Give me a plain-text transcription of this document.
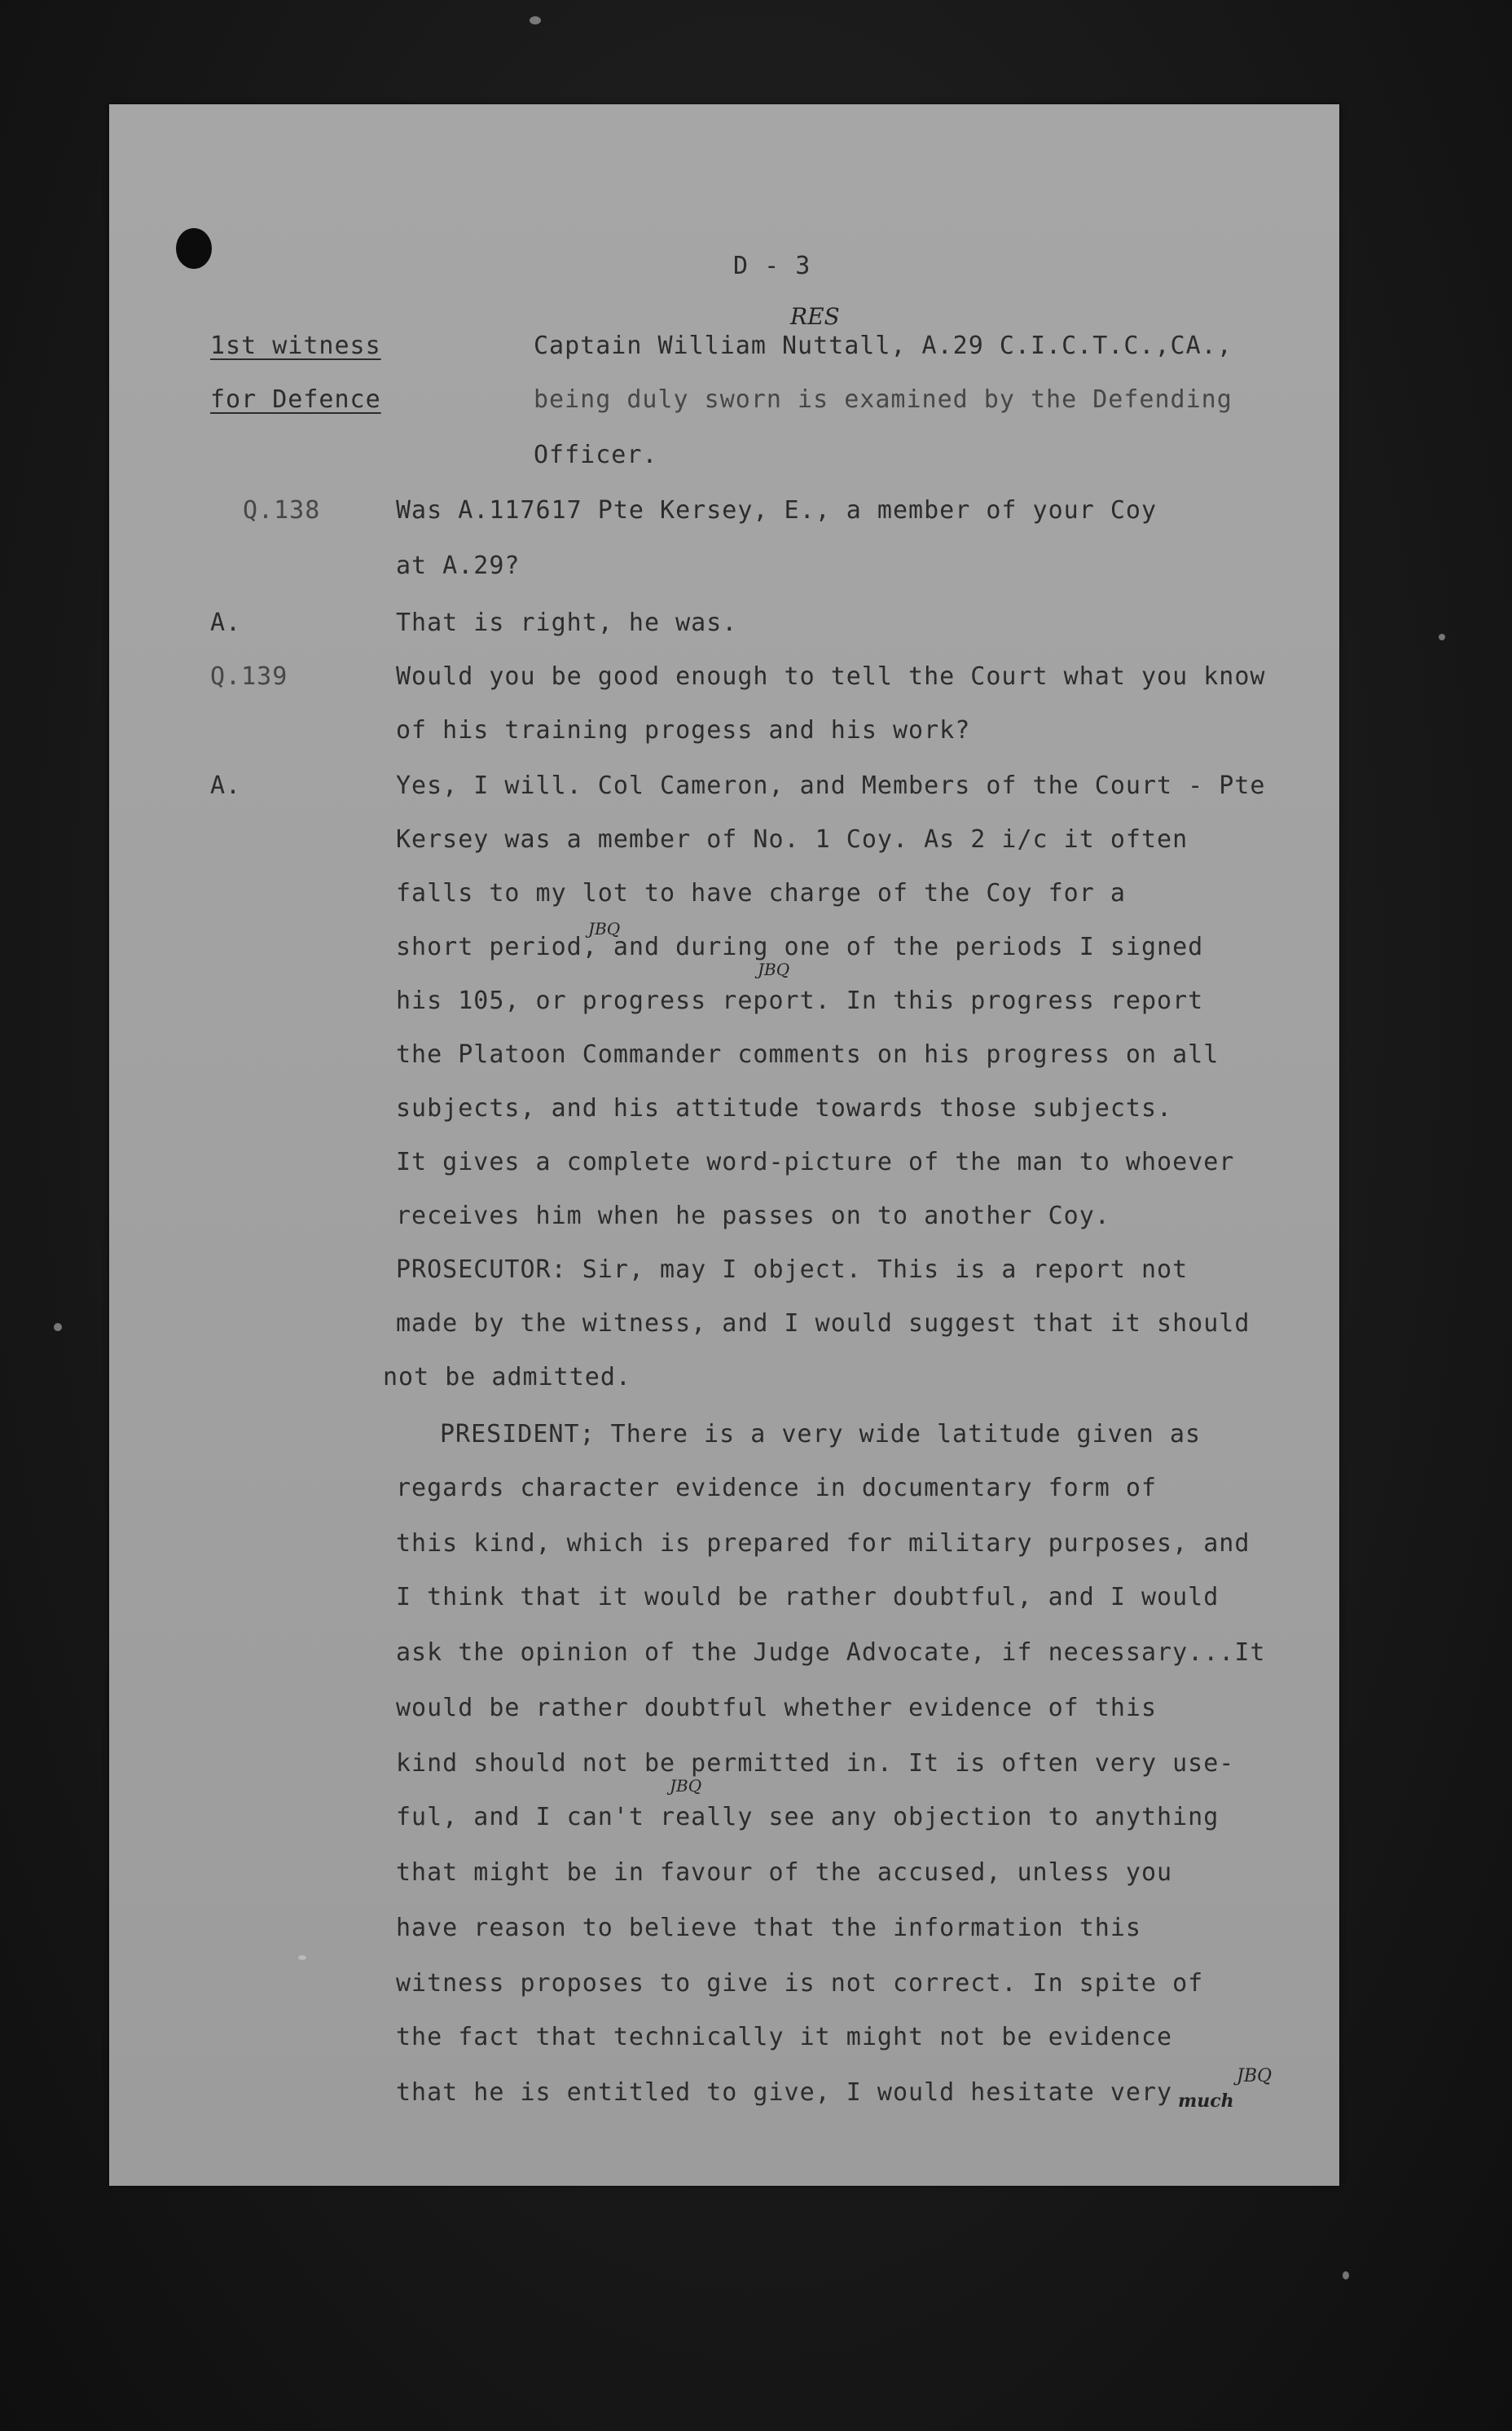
D - 3
1st witness
for Defence
Captain William Nuttall, A.29 C.I.C.T.C.,CA.,
being duly sworn is examined by the Defending
Officer.
RES
JBQ
JBQ
JBQ
JBQ
much
Q.138	Was A.117617 Pte Kersey, E., a member of your Coy
at A.29?
A.	That is right, he was.
Q.139	Would you be good enough to tell the Court what you know
of his training progess and his work?
A.	Yes, I will. Col Cameron, and Members of the Court - Pte
Kersey was a member of No. 1 Coy. As 2 i/c it often
falls to my lot to have charge of the Coy for a
short period, and during one of the periods I signed
his 105, or progress report. In this progress report
the Platoon Commander comments on his progress on all
subjects, and his attitude towards those subjects.
It gives a complete word-picture of the man to whoever
receives him when he passes on to another Coy.
PROSECUTOR: Sir, may I object. This is a report not
made by the witness, and I would suggest that it should
not be admitted.
PRESIDENT; There is a very wide latitude given as
regards character evidence in documentary form of
this kind, which is prepared for military purposes, and
I think that it would be rather doubtful, and I would
ask the opinion of the Judge Advocate, if necessary...It
would be rather doubtful whether evidence of this
kind should not be permitted in. It is often very use-
ful, and I can't really see any objection to anything
that might be in favour of the accused, unless you
have reason to believe that the information this
witness proposes to give is not correct. In spite of
the fact that technically it might not be evidence
that he is entitled to give, I would hesitate very
